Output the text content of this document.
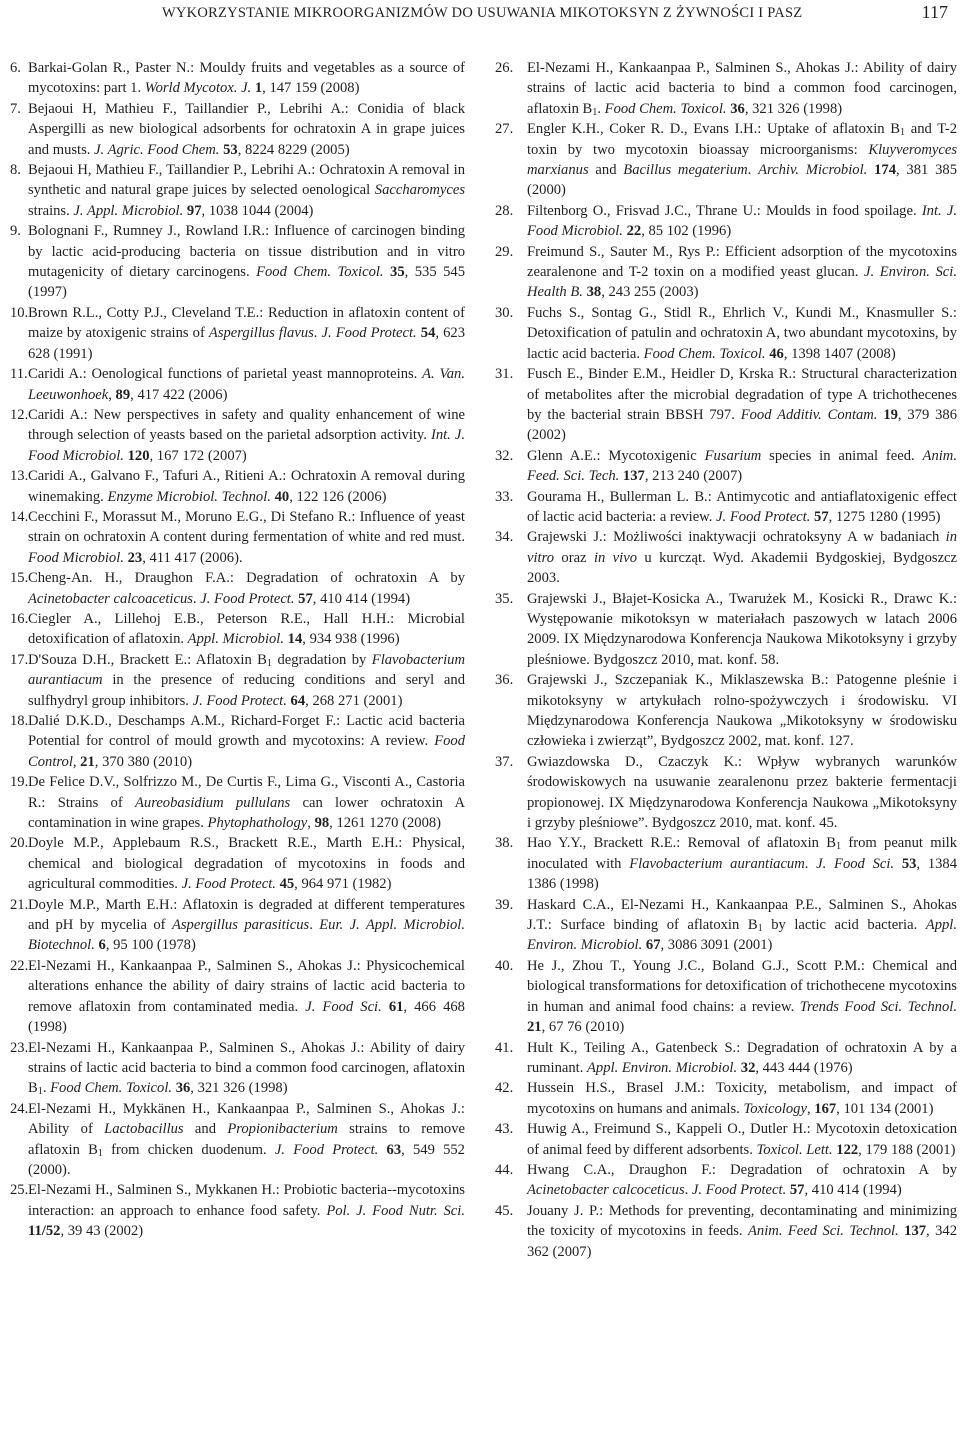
WYKORZYSTANIE MIKROORGANIZMÓW DO USUWANIA MIKOTOKSYN Z ŻYWNOŚCI I PASZ	117

6. Barkai-Golan R., Paster N.: Mouldy fruits and vegetables as a source of mycotoxins: part 1. World Mycotox. J. 1, 147 159 (2008)

7. Bejaoui H, Mathieu F., Taillandier P., Lebrihi A.: Conidia of black Aspergilli as new biological adsorbents for ochratoxin A in grape juices and musts. J. Agric. Food Chem. 53, 8224 8229 (2005)

8. Bejaoui H, Mathieu F., Taillandier P., Lebrihi A.: Ochratoxin A removal in synthetic and natural grape juices by selected oenological Saccharomyces strains. J. Appl. Microbiol. 97, 1038 1044 (2004)

9. Bolognani F., Rumney J., Rowland I.R.: Influence of carcinogen binding by lactic acid-producing bacteria on tissue distribution and in vitro mutagenicity of dietary carcinogens. Food Chem. Toxicol. 35, 535 545 (1997)

10. Brown R.L., Cotty P.J., Cleveland T.E.: Reduction in aflatoxin content of maize by atoxigenic strains of Aspergillus flavus. J. Food Protect. 54, 623 628 (1991)

11. Caridi A.: Oenological functions of parietal yeast mannoproteins. A. Van. Leeuwonhoek, 89, 417 422 (2006)

12. Caridi A.: New perspectives in safety and quality enhancement of wine through selection of yeasts based on the parietal adsorption activity. Int. J. Food Microbiol. 120, 167 172 (2007)

13. Caridi A., Galvano F., Tafuri A., Ritieni A.: Ochratoxin A removal during winemaking. Enzyme Microbiol. Technol. 40, 122 126 (2006)

14. Cecchini F., Morassut M., Moruno E.G., Di Stefano R.: Influence of yeast strain on ochratoxin A content during fermentation of white and red must. Food Microbiol. 23, 411 417 (2006).

15. Cheng-An. H., Draughon F.A.: Degradation of ochratoxin A by Acinetobacter calcoaceticus. J. Food Protect. 57, 410 414 (1994)

16. Ciegler A., Lillehoj E.B., Peterson R.E., Hall H.H.: Microbial detoxification of aflatoxin. Appl. Microbiol. 14, 934 938 (1996)

17. D'Souza D.H., Brackett E.: Aflatoxin $B_1$ degradation by Flavobacterium aurantiacum in the presence of reducing conditions and seryl and sulfhydryl group inhibitors. J. Food Protect. 64, 268 271 (2001)

18. Dalié D.K.D., Deschamps A.M., Richard-Forget F.: Lactic acid bacteria Potential for control of mould growth and mycotoxins: A review. Food Control, 21, 370 380 (2010)

19. De Felice D.V., Solfrizzo M., De Curtis F., Lima G., Visconti A., Castoria R.: Strains of Aureobasidium pullulans can lower ochratoxin A contamination in wine grapes. Phytophathology, 98, 1261 1270 (2008)

20. Doyle M.P., Applebaum R.S., Brackett R.E., Marth E.H.: Physical, chemical and biological degradation of mycotoxins in foods and agricultural commodities. J. Food Protect. 45, 964 971 (1982)

21. Doyle M.P., Marth E.H.: Aflatoxin is degraded at different temperatures and pH by mycelia of Aspergillus parasiticus. Eur. J. Appl. Microbiol. Biotechnol. 6, 95 100 (1978)

22. El-Nezami H., Kankaanpaa P., Salminen S., Ahokas J.: Physicochemical alterations enhance the ability of dairy strains of lactic acid bacteria to remove aflatoxin from contaminated media. J. Food Sci. 61, 466 468 (1998)

23. El-Nezami H., Kankaanpaa P., Salminen S., Ahokas J.: Ability of dairy strains of lactic acid bacteria to bind a common food carcinogen, aflatoxin $B_1$. Food Chem. Toxicol. 36, 321 326 (1998)

24. El-Nezami H., Mykkänen H., Kankaanpaa P., Salminen S., Ahokas J.: Ability of Lactobacillus and Propionibacterium strains to remove aflatoxin $B_1$ from chicken duodenum. J. Food Protect. 63, 549 552 (2000).

25. El-Nezami H., Salminen S., Mykkanen H.: Probiotic bacteria--mycotoxins interaction: an approach to enhance food safety. Pol. J. Food Nutr. Sci. 11/52, 39 43 (2002)

26. El-Nezami H., Kankaanpaa P., Salminen S., Ahokas J.: Ability of dairy strains of lactic acid bacteria to bind a common food carcinogen, aflatoxin $B_1$. Food Chem. Toxicol. 36, 321 326 (1998)

27. Engler K.H., Coker R. D., Evans I.H.: Uptake of aflatoxin $B_1$ and T-2 toxin by two mycotoxin bioassay microorganisms: Kluyveromyces marxianus and Bacillus megaterium. Archiv. Microbiol. 174, 381 385 (2000)

28. Filtenborg O., Frisvad J.C., Thrane U.: Moulds in food spoilage. Int. J. Food Microbiol. 22, 85 102 (1996)

29. Freimund S., Sauter M., Rys P.: Efficient adsorption of the mycotoxins zearalenone and T-2 toxin on a modified yeast glucan. J. Environ. Sci. Health B. 38, 243 255 (2003)

30. Fuchs S., Sontag G., Stidl R., Ehrlich V., Kundi M., Knasmuller S.: Detoxification of patulin and ochratoxin A, two abundant mycotoxins, by lactic acid bacteria. Food Chem. Toxicol. 46, 1398 1407 (2008)

31. Fusch E., Binder E.M., Heidler D, Krska R.: Structural characterization of metabolites after the microbial degradation of type A trichothecenes by the bacterial strain BBSH 797. Food Additiv. Contam. 19, 379 386 (2002)

32. Glenn A.E.: Mycotoxigenic Fusarium species in animal feed. Anim. Feed. Sci. Tech. 137, 213 240 (2007)

33. Gourama H., Bullerman L. B.: Antimycotic and antiaflatoxigenic effect of lactic acid bacteria: a review. J. Food Protect. 57, 1275 1280 (1995)

34. Grajewski J.: Możliwości inaktywacji ochratoksyny A w badaniach in vitro oraz in vivo u kurcząt. Wyd. Akademii Bydgoskiej, Bydgoszcz 2003.

35. Grajewski J., Błajet-Kosicka A., Twarużek M., Kosicki R., Drawc K.: Występowanie mikotoksyn w materiałach paszowych w latach 2006 2009. IX Międzynarodowa Konferencja Naukowa Mikotoksyny i grzyby pleśniowe. Bydgoszcz 2010, mat. konf. 58.

36. Grajewski J., Szczepaniak K., Miklaszewska B.: Patogenne pleśnie i mikotoksyny w artykułach rolno-spożywczych i środowisku. VI Międzynarodowa Konferencja Naukowa „Mikotoksyny w środowisku człowieka i zwierząt”, Bydgoszcz 2002, mat. konf. 127.

37. Gwiazdowska D., Czaczyk K.: Wpływ wybranych warunków środowiskowych na usuwanie zearalenonu przez bakterie fermentacji propionowej. IX Międzynarodowa Konferencja Naukowa „Mikotoksyny i grzyby pleśniowe”. Bydgoszcz 2010, mat. konf. 45.

38. Hao Y.Y., Brackett R.E.: Removal of aflatoxin $B_1$ from peanut milk inoculated with Flavobacterium aurantiacum. J. Food Sci. 53, 1384 1386 (1998)

39. Haskard C.A., El-Nezami H., Kankaanpaa P.E., Salminen S., Ahokas J.T.: Surface binding of aflatoxin $B_1$ by lactic acid bacteria. Appl. Environ. Microbiol. 67, 3086 3091 (2001)

40. He J., Zhou T., Young J.C., Boland G.J., Scott P.M.: Chemical and biological transformations for detoxification of trichothecene mycotoxins in human and animal food chains: a review. Trends Food Sci. Technol. 21, 67 76 (2010)

41. Hult K., Teiling A., Gatenbeck S.: Degradation of ochratoxin A by a ruminant. Appl. Environ. Microbiol. 32, 443 444 (1976)

42. Hussein H.S., Brasel J.M.: Toxicity, metabolism, and impact of mycotoxins on humans and animals. Toxicology, 167, 101 134 (2001)

43. Huwig A., Freimund S., Kappeli O., Dutler H.: Mycotoxin detoxication of animal feed by different adsorbents. Toxicol. Lett. 122, 179 188 (2001)

44. Hwang C.A., Draughon F.: Degradation of ochratoxin A by Acinetobacter calcoceticus. J. Food Protect. 57, 410 414 (1994)

45. Jouany J. P.: Methods for preventing, decontaminating and minimizing the toxicity of mycotoxins in feeds. Anim. Feed Sci. Technol. 137, 342 362 (2007)
